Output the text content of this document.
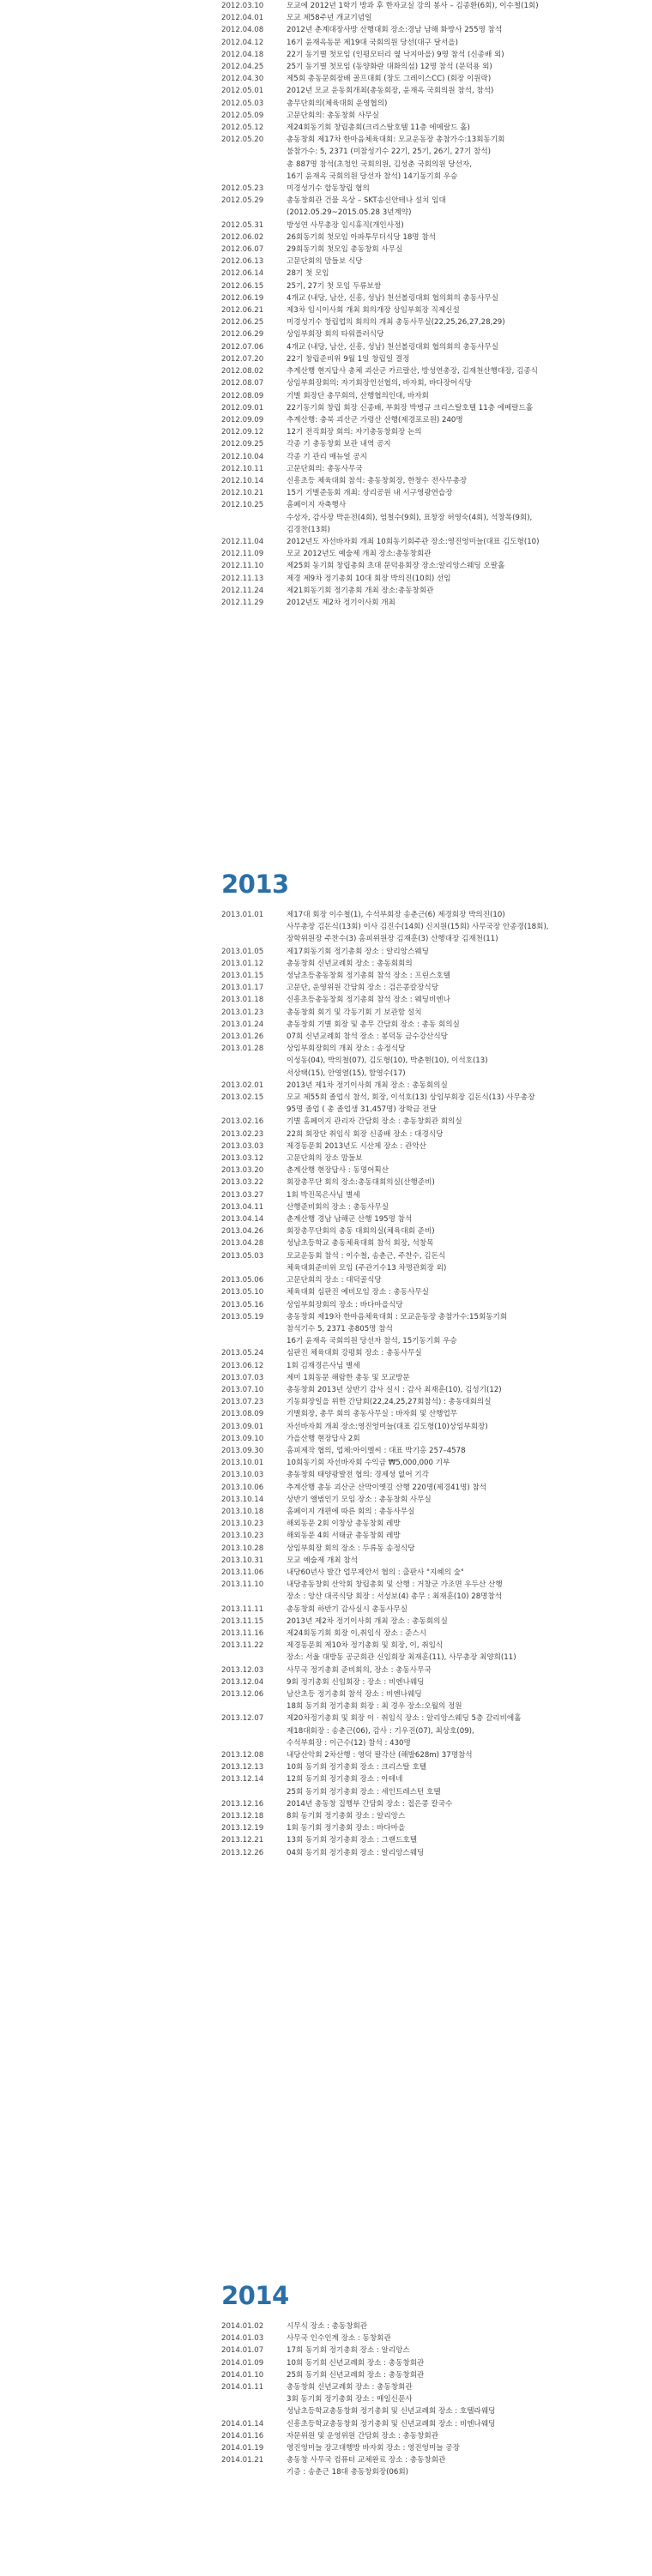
2012.03.10	모교에 2012년 1학기 방과 후 한자교실 강의 봉사 – 김종환(6회), 이수철(1회)
2012.04.01	모교 제58주년 개교기념일
2012.04.08	2012년 춘계대장사방 산행대회 장소:경남 남해 화방사 255명 참석
2012.04.12	16기 윤재옥동문 제19대 국회의원 당선(대구 달서을)
2012.04.18	22기 동기별 첫모임 (인평모터리 옆 낙지마을) 9명 참석 (신종배 외)
2012.04.25	25기 동기별 첫모임 (동양화란 대화의섬) 12명 참석 (문덕용 외)
2012.04.30	제5회 총동문회장배 골프대회 (창도 그레이스CC) (회장 이원락)
2012.05.01	2012년 모교 운동회개최(총동회장, 윤재옥 국회의원 참석, 참석)
2012.05.03	총무단회의(체육대회 운영협의)
2012.05.09	고문단회의: 총동창회 사무실
2012.05.12	제24회동기회 창립총회(크리스탈호텔 11층 에메랄드 홀)
2012.05.20	총동창회 제17차 한마음체육대회: 모교운동장 총참가수:13회동기회
불참가수: 5, 2371 (미참성기수 22기, 25기, 26기, 27기 참석)
총 887명 참석(초청인 국회의원, 김성춘 국회의원 당선자,
16기 윤재옥 국회의원 당선자 참석) 14기동기회 우승
2012.05.23	미경성기수 합동창립 협의
2012.05.29	총동창회관 건물 옥상 – SKT송신안테나 설치 임대
(2012.05.29~2015.05.28 3년계약)
2012.05.31	방성연 사무총장 임시휴직(개인사정)
2012.06.02	26회동기회 첫모임 아파투무더식당 18명 참석
2012.06.07	29회동기회 첫모임 총동창회 사무실
2012.06.13	고문단회의 맘들보 식당
2012.06.14	28기 첫 모임
2012.06.15	25기, 27기 첫 모임 두류보쌈
2012.06.19	4개교 (내당, 남산, 신흥, 성남) 천선볼링대회 협의회의 총동사무실
2012.06.21	제3차 임시이사회 개최 회의개장 상임부회장 직제신설
2012.06.25	미경성기수 창립업의 회의의 개최 총동사무실(22,25,26,27,28,29)
2012.06.29	상임부회장 회의 타워플러식당
2012.07.06	4개교 (내당, 남산, 신흥, 성남) 천선볼링대회 협의회의 총동사무실
2012.07.20	22기 창립준비위 9월 1일 창립일 결정
2012.08.02	추계산행 현지답사 총체 괴산군 카르랄산, 방성연총장, 김재천산행대장, 김종식
2012.08.07	상임부회장회의: 자기회장인선협의, 바자회, 바다장어식당
2012.08.09	기별 회장단 총무회의, 산행협의인대, 바자회
2012.09.01	22기동기회 창립 회장 신종배, 부회장 박병규 크리스탈호텔 11층 에메랄드홀
2012.09.09	추계산행: 충북 괴산군 가령산 산행(제경포로원) 240명
2012.09.12	12기 전직회장 회의: 자기총동창회장 논의
2012.09.25	각종 기 총동창회 보관 내역 공지
2012.10.04	각종 기 관리 매뉴얼 공지
2012.10.11	고문단회의: 총동사무국
2012.10.14	신흥초등 체육대회 참석: 총동창회장, 한창수 전사무총장
2012.10.21	15기 기별준동회 개최: 상리공원 내 서구영광연습장
2012.10.25	홈페이지 자축행사
수상자, 감사장 박운전(4회), 엄철수(9회), 표창장 허영숙(4회), 석창목(9회),
김경찬(13회)
2012.11.04	2012년도 자선바자회 개최 10회동기회주관 장소:영진엉미늘(대표 김도형(10)
2012.11.09	모교 2012년도 예술제 개최 장소:총동창회관
2012.11.10	제25회 동기회 창립총회 초대 문덕용회장 장소:알리앙스웨딩 오팔홀
2012.11.13	제경 제9차 정기총회 10대 회장 박의진(10회) 선임
2012.11.24	제21회동기회 정기총회 개최 장소:총동창회관
2012.11.29	2012년도 제2차 정기이사회 개최
2013
2013.01.01	제17대 회장 이수철(1), 수석부회장 송춘근(6) 제경회장 박의진(10)
사무총장 김돈식(13회) 이사 김진수(14회) 신지원(15회) 사무국장 안종경(18회),
장학위원장 주찬수(3) 홈피위원장 김재훈(3) 산행대장 김재천(11)
2013.01.05	제17회동기회 정기총회 장소 : 알리앙스웨딩
2013.01.12	총동창회 신년교례회 장소 : 총동회회의
2013.01.15	성남초등총동창회 정기총회 참석 장소 : 프린스호텔
2013.01.17	고문단, 운영위원 간담회 장소 : 검은콩칼장식당
2013.01.18	신흥초등총동창회 정기총회 참석 장소 : 웨딩비엔나
2013.01.23	총동창회 회기 및 각동기회 기 보관함 설치
2013.01.24	총동창회 기별 회장 및 총무 간담회 장소 : 총동 회의실
2013.01.26	07회 신년교례회 참석 장소 : 봉덕동 금수강산식당
2013.01.28	상임부회장회의 개최 장소 : 송정식당
이성동(04), 박의철(07), 김도형(10), 박춘현(10), 이석호(13)
서상택(15), 안영열(15), 함영수(17)
2013.02.01	2013년 제1차 정기이사회 개최 장소 : 총동회의실
2013.02.15	모교 제55회 졸업식 참석, 회장, 이석호(13) 상임부회장 김돈식(13) 사무총장
95명 졸업 ( 총 졸업생 31,457명) 장학금 전달
2013.02.16	기별 홈페이지 관리자 간담회 장소 : 총동창회관 회의실
2013.02.23	22회 회장단 취임식 회장 신종배 장소 : 대경식당
2013.03.03	제경동문회 2013년도 시산제 장소 : 관악산
2013.03.12	고문단회의 장소 맘들보
2013.03.20	춘계산행 현장답사 : 동명어획산
2013.03.22	회장총무단 회의 장소:총동대회의실(산행준비)
2013.03.27	1회 박진목은사님 별세
2013.04.11	산행준비회의 장소 : 총동사무실
2013.04.14	춘계산행 경남 남해군 산행 195명 참석
2013.04.26	회장총무단회의 총동 대회의실(체육대회 준비)
2013.04.28	성남초등학교 총동체육대회 참석 회장, 석창목
2013.05.03	모교운동회 참석 : 이수철, 송춘근, 주찬수, 김돈식
체육대회준비위 모임 (주관기수13 차명관회장 외)
2013.05.06	고문단회의 장소 : 대덕골식당
2013.05.10	체육대회 심판진 예비모임 장소 : 총동사무실
2013.05.16	상임부회장회의 장소 : 바다마을식당
2013.05.19	총동창회 제19차 한마음체육대회 : 모교운동장 총참가수:15회동기회
참석기수 5, 2371 총805명 참석
16기 윤재옥 국회의원 당선자 참석, 15기동기회 우승
2013.05.24	심판진 체육대회 강평회 장소 : 총동사무실
2013.06.12	1회 김재경은사님 별세
2013.07.03	제미 1회동문 해람한 총동 및 모교방문
2013.07.10	총동창회 2013년 상반기 감사 실시 : 감사 최재훈(10), 김성기(12)
2013.07.23	기동회장일을 위한 간담회(22,24,25,27회참석) : 총동대회의실
2013.08.09	기별회장, 총무 회의 총동사무실 : 바자회 및 산행업무
2013.09.01	자선바자회 개최 장소:영진엉미늘(대표 김도형(10)상임부회장)
2013.09.10	가을산행 현장답사 2회
2013.09.30	홈피제작 협의, 업체:아이엘씨 : 대표 박기홍 257–4578
2013.10.01	10회동기회 자선바자회 수익금 ₩5,000,000 기부
2013.10.03	총동창회 태양광발전 협의: 경제성 없어 기각
2013.10.06	추계산행 총동 괴산군 산막이옛길 산행 220명(제경41명) 참석
2013.10.14	상반기 앨범인기 모임 장소 : 총동창회 사무실
2013.10.18	홈페이지 개편에 따른 회의 : 총동사무실
2013.10.23	해외동문 2회 이창상 총동창회 레방
2013.10.23	해외동문 4회 서태균 총동창회 레방
2013.10.28	상임부회장 회의 장소 : 두류동 송정식당
2013.10.31	모교 예술제 개최 참석
2013.11.06	내당60년사 발간 업무제안서 협의 : 출판사 "지혜의 숲"
2013.11.10	내당총동창회 산악회 창립총회 및 산행 : 거창군 가조면 우두산 산행
장소 : 앙산 대곡식당 회장 : 서성보(4) 총무 : 최재훈(10) 28명참석
2013.11.11	총동창회 하반기 감사실시 총동사무실
2013.11.15	2013년 제2차 정기이사회 개최 장소 : 총동회의실
2013.11.16	제24회동기회 회장 이,취임식 장소 : 준스시
2013.11.22	제경동문회 제10차 정기총회 및 회장, 이, 취임식
장소: 서울 대방동 공군회관 신임회장 최재훈(11), 사무총장 최양희(11)
2013.12.03	사무국 정기총회 준비회의, 장소 : 총동사무국
2013.12.04	9회 정기총회 신임회장 : 장소 : 비엔나웨딩
2013.12.06	남산초등 정기총회 참석 장소 : 비엔나웨딩
18회 동기회 정기총회 회장 : 최 경우 장소:오월의 정원
2013.12.07	제20차정기총회 및 회장 이 · 취임식 장소 : 알리앙스웨딩 5층 갈리비에홀
제18대회장 : 송춘근(06), 감사 : 기우진(07), 최상호(09),
수석부회장 : 이근수(12) 참석 : 430명
2013.12.08	내당산악회 2차산행 : 영덕 팔각산 (해발628m) 37명참석
2013.12.13	10회 동기회 정기총회 장소 : 크리스탈 호텔
2013.12.14	12회 동기회 정기총회 장소 : 아테네
25회 동기회 정기총회 장소 : 세인트레스턴 호텔
2013.12.16	2014년 총동창 집행부 간담회 장소 : 접은콩 칼국수
2013.12.18	8회 동기회 정기총회 장소 : 알리앙스
2013.12.19	1회 동기회 정기총회 장소 : 바다마을
2013.12.21	13회 동기회 정기총회 장소 : 그랜드호텔
2013.12.26	04회 동기회 정기총회 장소 : 알리앙스웨딩
2014
2014.01.02	시무식 장소 : 총동창회관
2014.01.03	사무국 인수인계 장소 : 동창회관
2014.01.07	17회 동기회 정기총회 장소 : 알리앙스
2014.01.09	10회 동기회 신년교례회 장소 : 총동창회관
2014.01.10	25회 동기회 신년교례회 장소 : 총동창회관
2014.01.11	총동창회 신년교례회 장소 : 총동창회관
3회 동기회 정기총회 장소 : 매일신문사
성남초등학교총동창회 정기총회 및 신년교례회 장소 : 호텔라웨딩
2014.01.14	신흥초등학교총동창회 정기총회 및 신년교례회 장소 : 비엔나웨딩
2014.01.16	자문위원 및 운영위원 간담회 장소 : 총동창회관
2014.01.19	영진엉미늘 장고대행방 바자회 장소 : 영진엉미늘 공장
2014.01.21	총동창 사무국 컴퓨터 교체완료 장소 : 총동창회관
기증 : 송춘근 18대 총동창회장(06회)
